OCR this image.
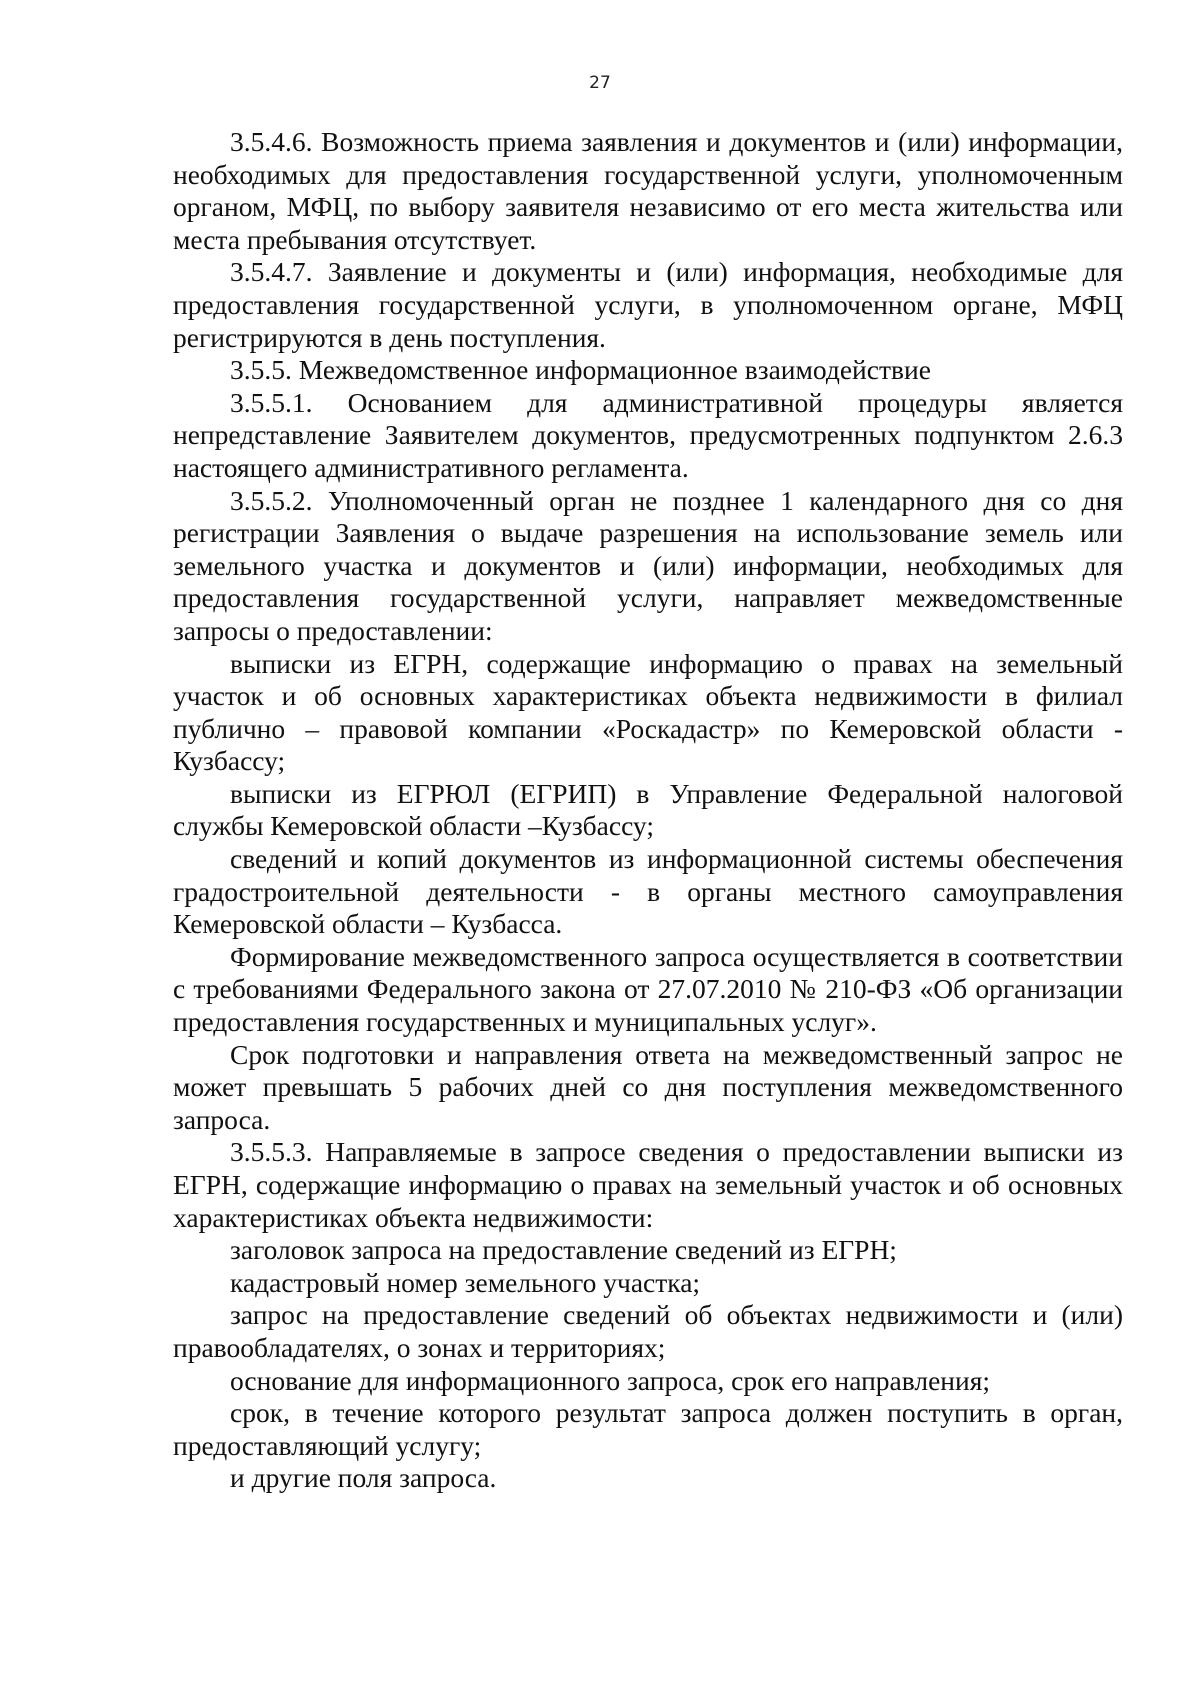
27

3.5.4.6. Возможность приема заявления и документов и (или) информации, необходимых для предоставления государственной услуги, уполномоченным органом, МФЦ, по выбору заявителя независимо от его места жительства или места пребывания отсутствует.

3.5.4.7. Заявление и документы и (или) информация, необходимые для предоставления государственной услуги, в уполномоченном органе, МФЦ регистрируются в день поступления.

3.5.5. Межведомственное информационное взаимодействие

3.5.5.1. Основанием для административной процедуры является непредставление Заявителем документов, предусмотренных подпунктом 2.6.3 настоящего административного регламента.

3.5.5.2. Уполномоченный орган не позднее 1 календарного дня со дня регистрации Заявления о выдаче разрешения на использование земель или земельного участка и документов и (или) информации, необходимых для предоставления государственной услуги, направляет межведомственные запросы о предоставлении:

выписки из ЕГРН, содержащие информацию о правах на земельный участок и об основных характеристиках объекта недвижимости в филиал публично – правовой компании «Роскадастр» по Кемеровской области - Кузбассу;

выписки из ЕГРЮЛ (ЕГРИП) в Управление Федеральной налоговой службы Кемеровской области –Кузбассу;

сведений и копий документов из информационной системы обеспечения градостроительной деятельности - в органы местного самоуправления Кемеровской области – Кузбасса.

Формирование межведомственного запроса осуществляется в соответствии с требованиями Федерального закона от 27.07.2010 № 210-ФЗ «Об организации предоставления государственных и муниципальных услуг».

Срок подготовки и направления ответа на межведомственный запрос не может превышать 5 рабочих дней со дня поступления межведомственного запроса.

3.5.5.3. Направляемые в запросе сведения о предоставлении выписки из ЕГРН, содержащие информацию о правах на земельный участок и об основных характеристиках объекта недвижимости:

заголовок запроса на предоставление сведений из ЕГРН;

кадастровый номер земельного участка;

запрос на предоставление сведений об объектах недвижимости и (или) правообладателях, о зонах и территориях;

основание для информационного запроса, срок его направления;

срок, в течение которого результат запроса должен поступить в орган, предоставляющий услугу;

и другие поля запроса.
